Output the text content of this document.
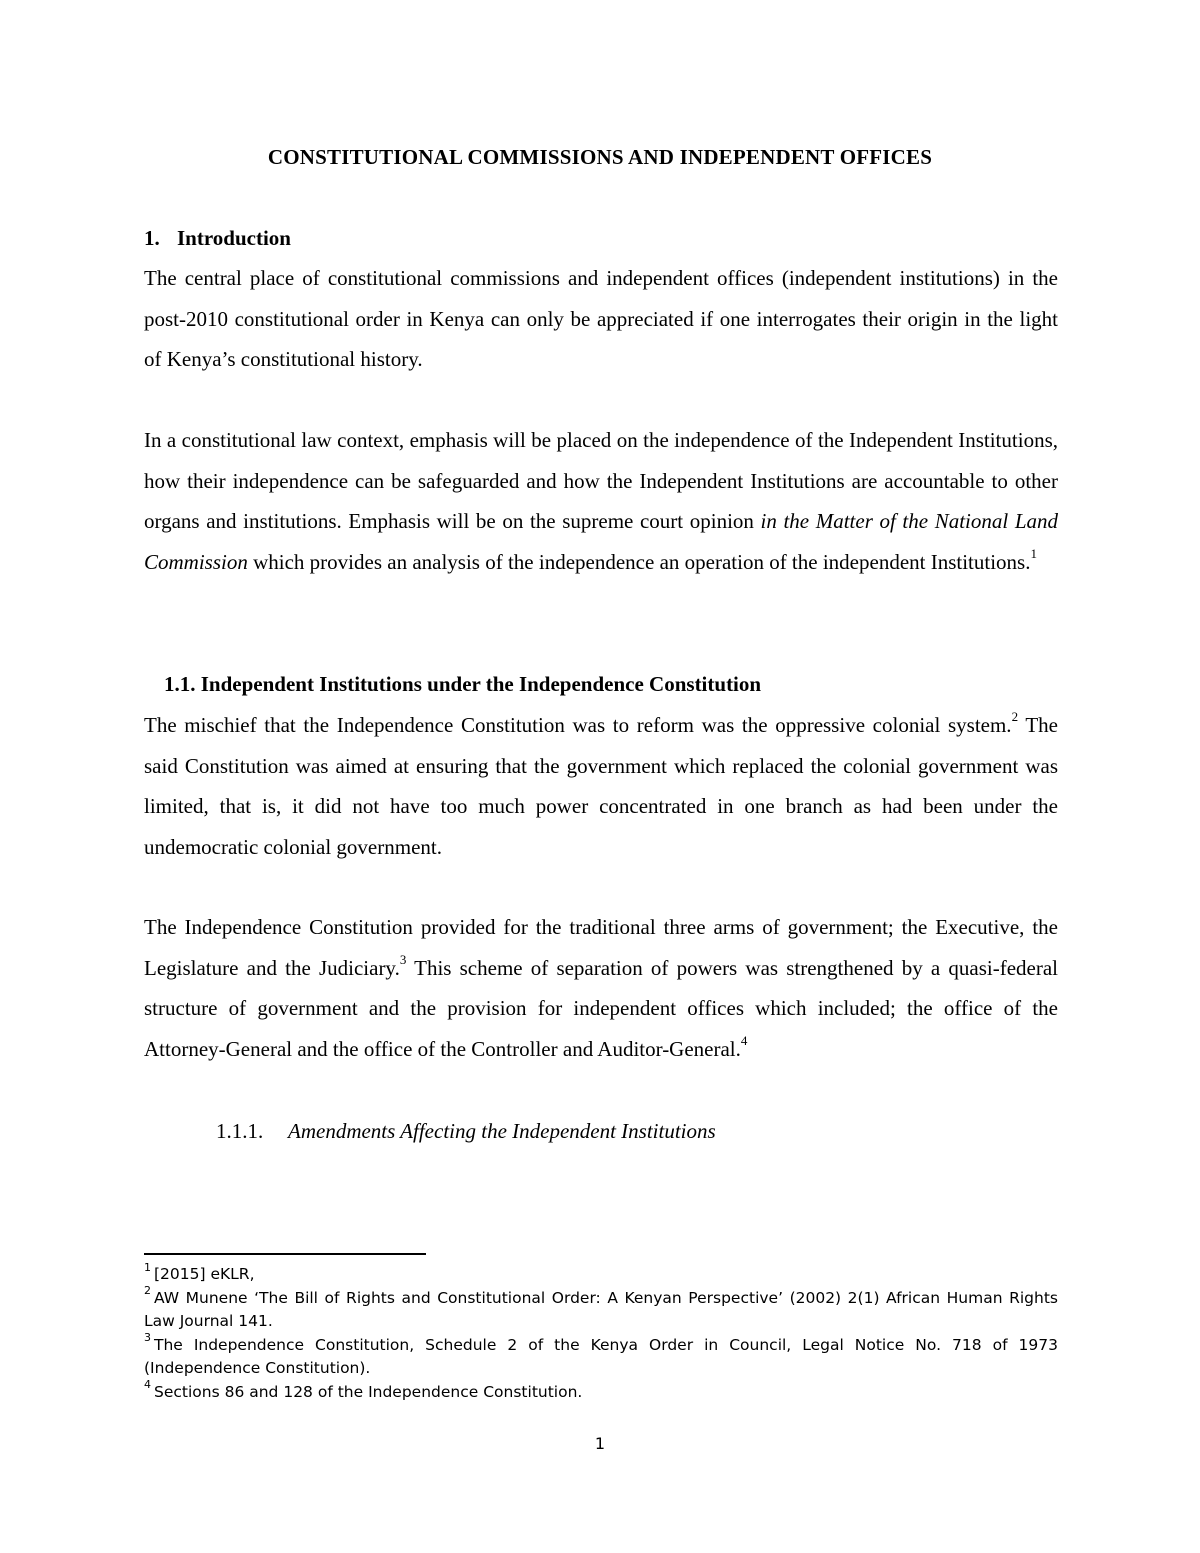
CONSTITUTIONAL COMMISSIONS AND INDEPENDENT OFFICES
1. Introduction

The central place of constitutional commissions and independent offices (independent institutions) in the post-2010 constitutional order in Kenya can only be appreciated if one interrogates their origin in the light of Kenya’s constitutional history.

In a constitutional law context, emphasis will be placed on the independence of the Independent Institutions, how their independence can be safeguarded and how the Independent Institutions are accountable to other organs and institutions. Emphasis will be on the supreme court opinion in the Matter of the National Land Commission which provides an analysis of the independence an operation of the independent Institutions.$^1$

1.1. Independent Institutions under the Independence Constitution

The mischief that the Independence Constitution was to reform was the oppressive colonial system.$^2$ The said Constitution was aimed at ensuring that the government which replaced the colonial government was limited, that is, it did not have too much power concentrated in one branch as had been under the undemocratic colonial government.

The Independence Constitution provided for the traditional three arms of government; the Executive, the Legislature and the Judiciary.$^3$ This scheme of separation of powers was strengthened by a quasi-federal structure of government and the provision for independent offices which included; the office of the Attorney-General and the office of the Controller and Auditor-General.$^4$

1.1.1. Amendments Affecting the Independent Institutions

$^1$ [2015] eKLR,

$^2$ AW Munene ‘The Bill of Rights and Constitutional Order: A Kenyan Perspective’ (2002) 2(1) African Human Rights Law Journal 141.

$^3$ The Independence Constitution, Schedule 2 of the Kenya Order in Council, Legal Notice No. 718 of 1973 (Independence Constitution).

$^4$ Sections 86 and 128 of the Independence Constitution.

1
